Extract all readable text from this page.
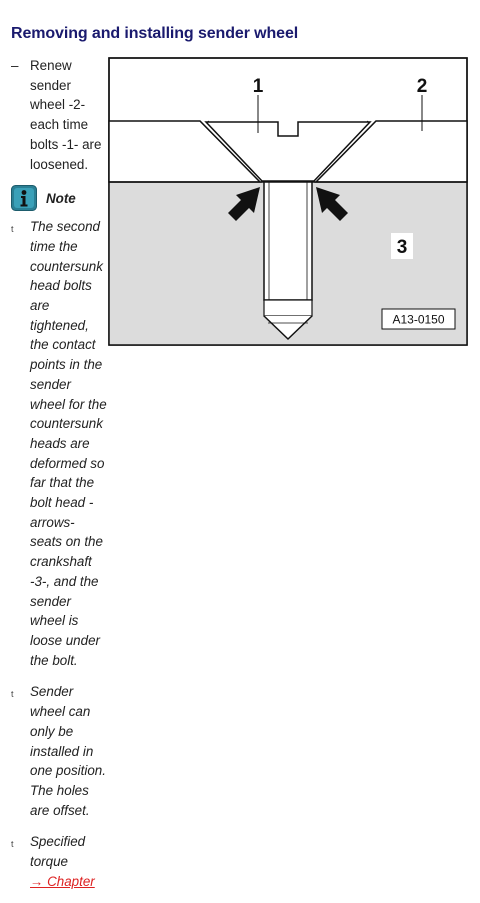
Removing and installing sender wheel
– Renew sender wheel -2- each time bolts -1- are loosened.
Note
t The second time the countersunk head bolts are tightened, the contact points in the sender wheel for the countersunk heads are deformed so far that the bolt head -arrows- seats on the crankshaft -3-, and the sender wheel is loose under the bolt.
t Sender wheel can only be installed in one position. The holes are offset.
t Specified torque
→ Chapter
1	2
3
A13-0150
